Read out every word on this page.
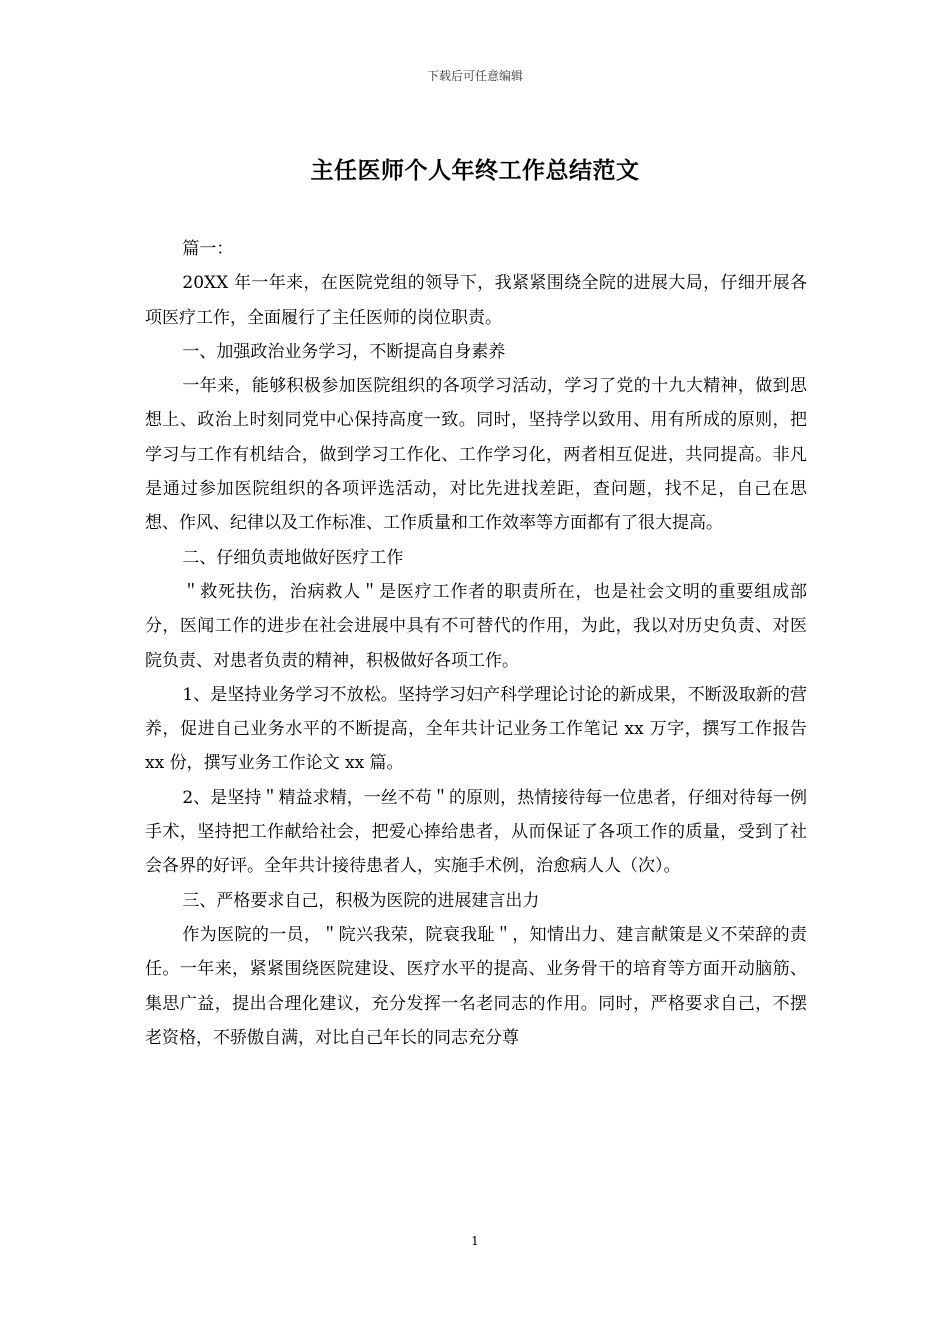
下载后可任意编辑
主任医师个人年终工作总结范文

篇一：

20XX 年一年来，在医院党组的领导下，我紧紧围绕全院的进展大局，仔细开展各项医疗工作，全面履行了主任医师的岗位职责。

一、加强政治业务学习，不断提高自身素养

一年来，能够积极参加医院组织的各项学习活动，学习了党的十九大精神，做到思想上、政治上时刻同党中心保持高度一致。同时，坚持学以致用、用有所成的原则，把学习与工作有机结合，做到学习工作化、工作学习化，两者相互促进，共同提高。非凡是通过参加医院组织的各项评选活动，对比先进找差距，查问题，找不足，自己在思想、作风、纪律以及工作标准、工作质量和工作效率等方面都有了很大提高。

二、仔细负责地做好医疗工作

＂救死扶伤，治病救人＂是医疗工作者的职责所在，也是社会文明的重要组成部分，医闻工作的进步在社会进展中具有不可替代的作用，为此，我以对历史负责、对医院负责、对患者负责的精神，积极做好各项工作。

1、是坚持业务学习不放松。坚持学习妇产科学理论讨论的新成果，不断汲取新的营养，促进自己业务水平的不断提高，全年共计记业务工作笔记 xx 万字，撰写工作报告 xx 份，撰写业务工作论文 xx 篇。

2、是坚持＂精益求精，一丝不苟＂的原则，热情接待每一位患者，仔细对待每一例手术，坚持把工作献给社会，把爱心捧给患者，从而保证了各项工作的质量，受到了社会各界的好评。全年共计接待患者人，实施手术例，治愈病人人（次）。

三、严格要求自己，积极为医院的进展建言出力

作为医院的一员，＂院兴我荣，院衰我耻＂，知情出力、建言献策是义不荣辞的责任。一年来，紧紧围绕医院建设、医疗水平的提高、业务骨干的培育等方面开动脑筋、集思广益，提出合理化建议，充分发挥一名老同志的作用。同时，严格要求自己，不摆老资格，不骄傲自满，对比自己年长的同志充分尊

1
